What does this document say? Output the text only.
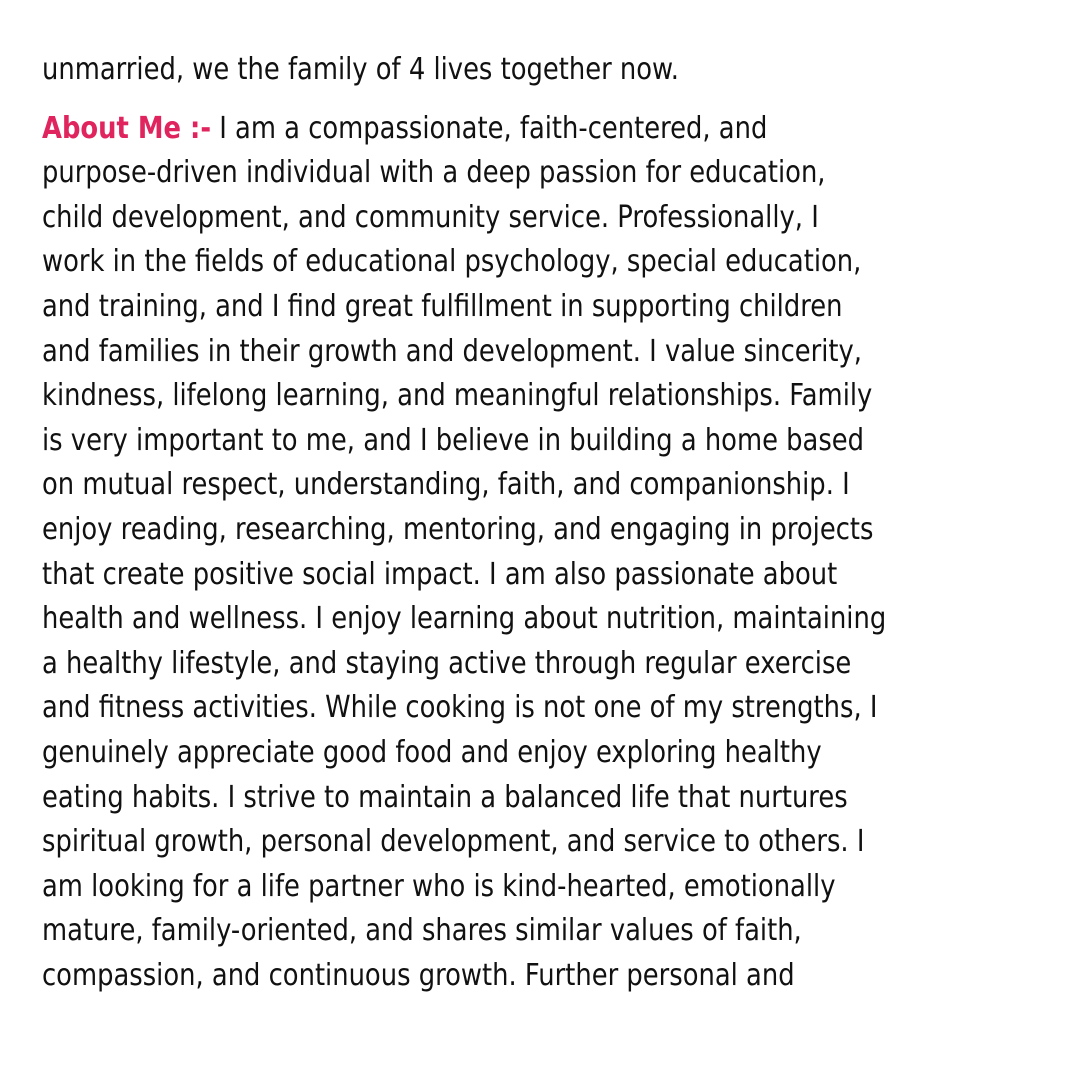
unmarried, we the family of 4 lives together now.
About Me :- I am a compassionate, faith-centered, and
purpose-driven individual with a deep passion for education,
child development, and community service. Professionally, I
work in the fields of educational psychology, special education,
and training, and I find great fulfillment in supporting children
and families in their growth and development. I value sincerity,
kindness, lifelong learning, and meaningful relationships. Family
is very important to me, and I believe in building a home based
on mutual respect, understanding, faith, and companionship. I
enjoy reading, researching, mentoring, and engaging in projects
that create positive social impact. I am also passionate about
health and wellness. I enjoy learning about nutrition, maintaining
a healthy lifestyle, and staying active through regular exercise
and fitness activities. While cooking is not one of my strengths, I
genuinely appreciate good food and enjoy exploring healthy
eating habits. I strive to maintain a balanced life that nurtures
spiritual growth, personal development, and service to others. I
am looking for a life partner who is kind-hearted, emotionally
mature, family-oriented, and shares similar values of faith,
compassion, and continuous growth. Further personal and
